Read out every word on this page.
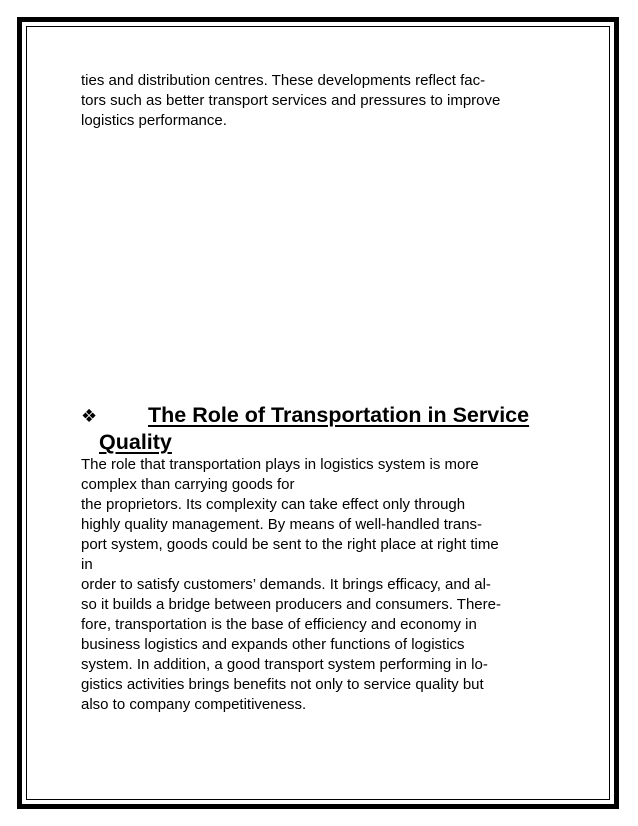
ties and distribution centres. These developments reflect fac-
tors such as better transport services and pressures to improve
logistics performance.

❖	The Role of Transportation in Service

Quality

The role that transportation plays in logistics system is more
complex than carrying goods for
the proprietors. Its complexity can take effect only through
highly quality management. By means of well-handled trans-
port system, goods could be sent to the right place at right time
in
order to satisfy customers’ demands. It brings efficacy, and al-
so it builds a bridge between producers and consumers. There-
fore, transportation is the base of efficiency and economy in
business logistics and expands other functions of logistics
system. In addition, a good transport system performing in lo-
gistics activities brings benefits not only to service quality but
also to company competitiveness.
